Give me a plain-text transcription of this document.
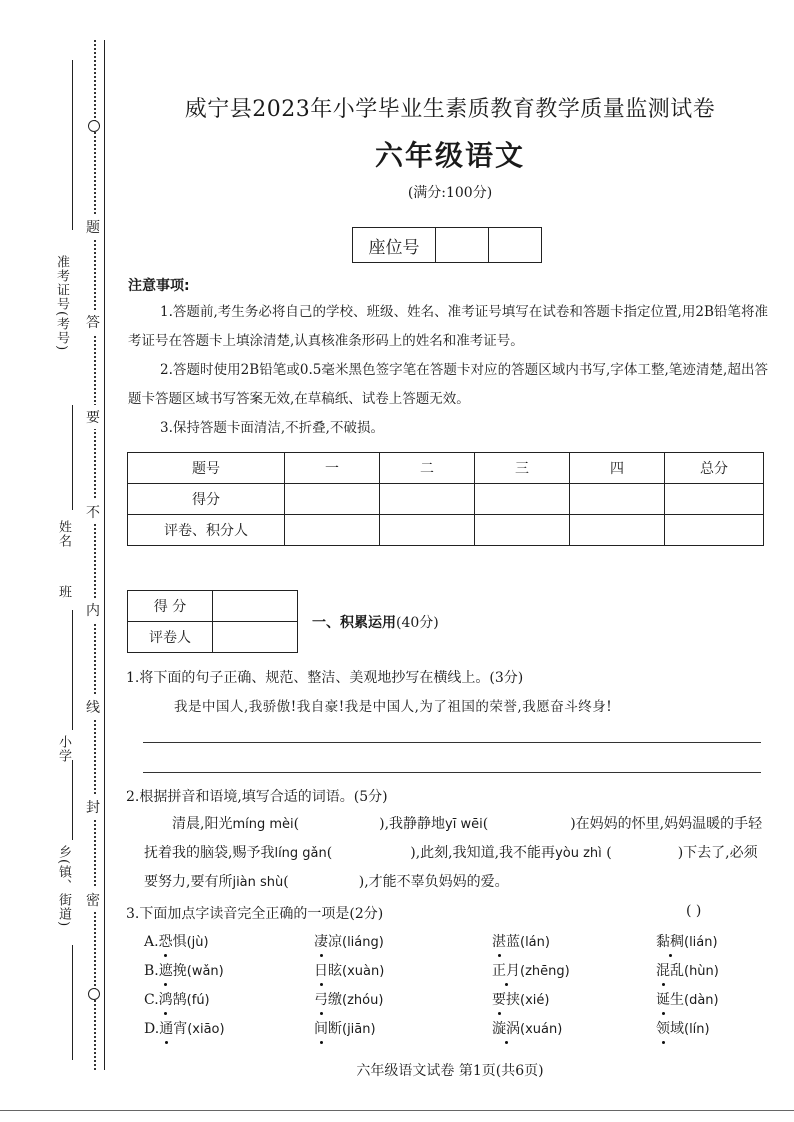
准考证号(考号)
姓名
班
小学
乡(镇、街道)
题
答
要
不
内
线
封
密
威宁县2023年小学毕业生素质教育教学质量监测试卷
六年级语文
(满分:100分)
座位号
注意事项:
1.答题前,考生务必将自己的学校、班级、姓名、准考证号填写在试卷和答题卡指定位置,用2B铅笔将准考证号在答题卡上填涂清楚,认真核准条形码上的姓名和准考证号。
2.答题时使用2B铅笔或0.5毫米黑色签字笔在答题卡对应的答题区域内书写,字体工整,笔迹清楚,超出答题卡答题区域书写答案无效,在草稿纸、试卷上答题无效。
3.保持答题卡面清洁,不折叠,不破损。
题号	一	二	三	四	总分
得分					
评卷、积分人					
得 分	
评卷人	
一、积累运用(40分)
1.将下面的句子正确、规范、整洁、美观地抄写在横线上。(3分)
我是中国人,我骄傲!我自豪!我是中国人,为了祖国的荣誉,我愿奋斗终身!
2.根据拼音和语境,填写合适的词语。(5分)
清晨,阳光míng mèi(	),我静静地yī wēi(	)在妈妈的怀里,妈妈温暖的手轻抚着我的脑袋,赐予我líng gǎn(	),此刻,我知道,我不能再yòu zhì (	)下去了,必须要努力,要有所jiàn shù(	),才能不辜负妈妈的爱。
3.下面加点字读音完全正确的一项是(2分)	( )
A.恐惧(jù)	凄凉(liáng)	湛蓝(lán)	黏稠(lián)
B.遮挽(wǎn)	日眩(xuàn)	正月(zhēng)	混乱(hùn)
C.鸿鹄(fú)	弓缴(zhóu)	要挟(xié)	诞生(dàn)
D.通宵(xiāo)	间断(jiān)	漩涡(xuán)	领域(lín)
六年级语文试卷 第1页(共6页)
